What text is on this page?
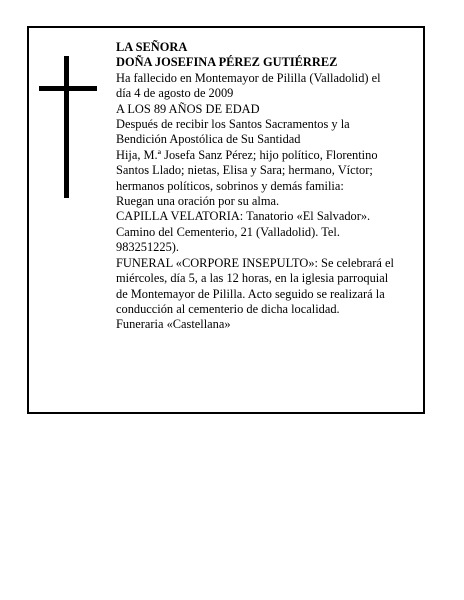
LA SEÑORA
DOÑA JOSEFINA PÉREZ GUTIÉRREZ
Ha fallecido en Montemayor de Pililla (Valladolid) el
día 4 de agosto de 2009
A LOS 89 AÑOS DE EDAD
Después de recibir los Santos Sacramentos y la
Bendición Apostólica de Su Santidad
Hija, M.ª Josefa Sanz Pérez; hijo político, Florentino
Santos Llado; nietas, Elisa y Sara; hermano, Víctor;
hermanos políticos, sobrinos y demás familia:
Ruegan una oración por su alma.
CAPILLA VELATORIA: Tanatorio «El Salvador».
Camino del Cementerio, 21 (Valladolid). Tel.
983251225).
FUNERAL «CORPORE INSEPULTO»: Se celebrará el
miércoles, día 5, a las 12 horas, en la iglesia parroquial
de Montemayor de Pililla. Acto seguido se realizará la
conducción al cementerio de dicha localidad.
Funeraria «Castellana»
